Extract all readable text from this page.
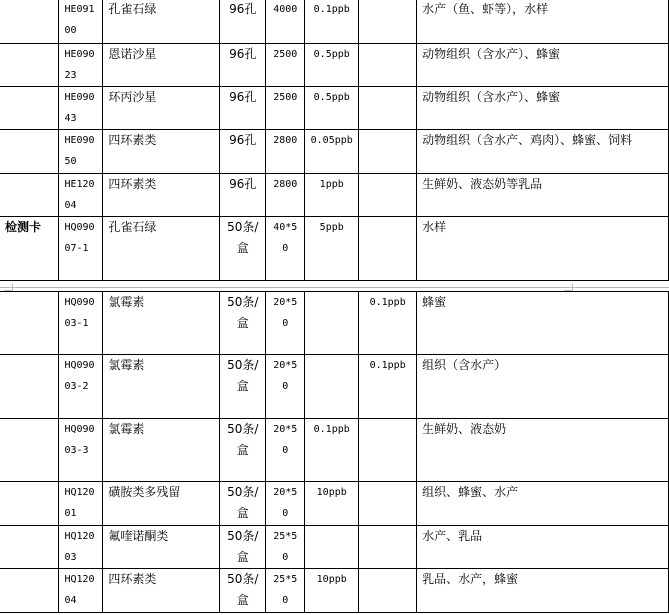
	HE09100	孔雀石绿	96孔	4000	0.1ppb		水产（鱼、虾等），水样
	HE09023	恩诺沙星	96孔	2500	0.5ppb		动物组织（含水产）、蜂蜜
	HE09043	环丙沙星	96孔	2500	0.5ppb		动物组织（含水产）、蜂蜜
	HE09050	四环素类	96孔	2800	0.05ppb		动物组织（含水产、鸡肉）、蜂蜜、饲料
	HE12004	四环素类	96孔	2800	1ppb		生鲜奶、液态奶等乳品
检测卡	HQ09007-1	孔雀石绿	50条/盒	40*50	5ppb		水样
	HQ09003-1	氯霉素	50条/盒	20*50		0.1ppb	蜂蜜
	HQ09003-2	氯霉素	50条/盒	20*50		0.1ppb	组织（含水产）
	HQ09003-3	氯霉素	50条/盒	20*50	0.1ppb		生鲜奶、液态奶
	HQ12001	磺胺类多残留	50条/盒	20*50	10ppb		组织、蜂蜜、水产
	HQ12003	氟喹诺酮类	50条/盒	25*50			水产、乳品
	HQ12004	四环素类	50条/盒	25*50	10ppb		乳品、水产，蜂蜜
